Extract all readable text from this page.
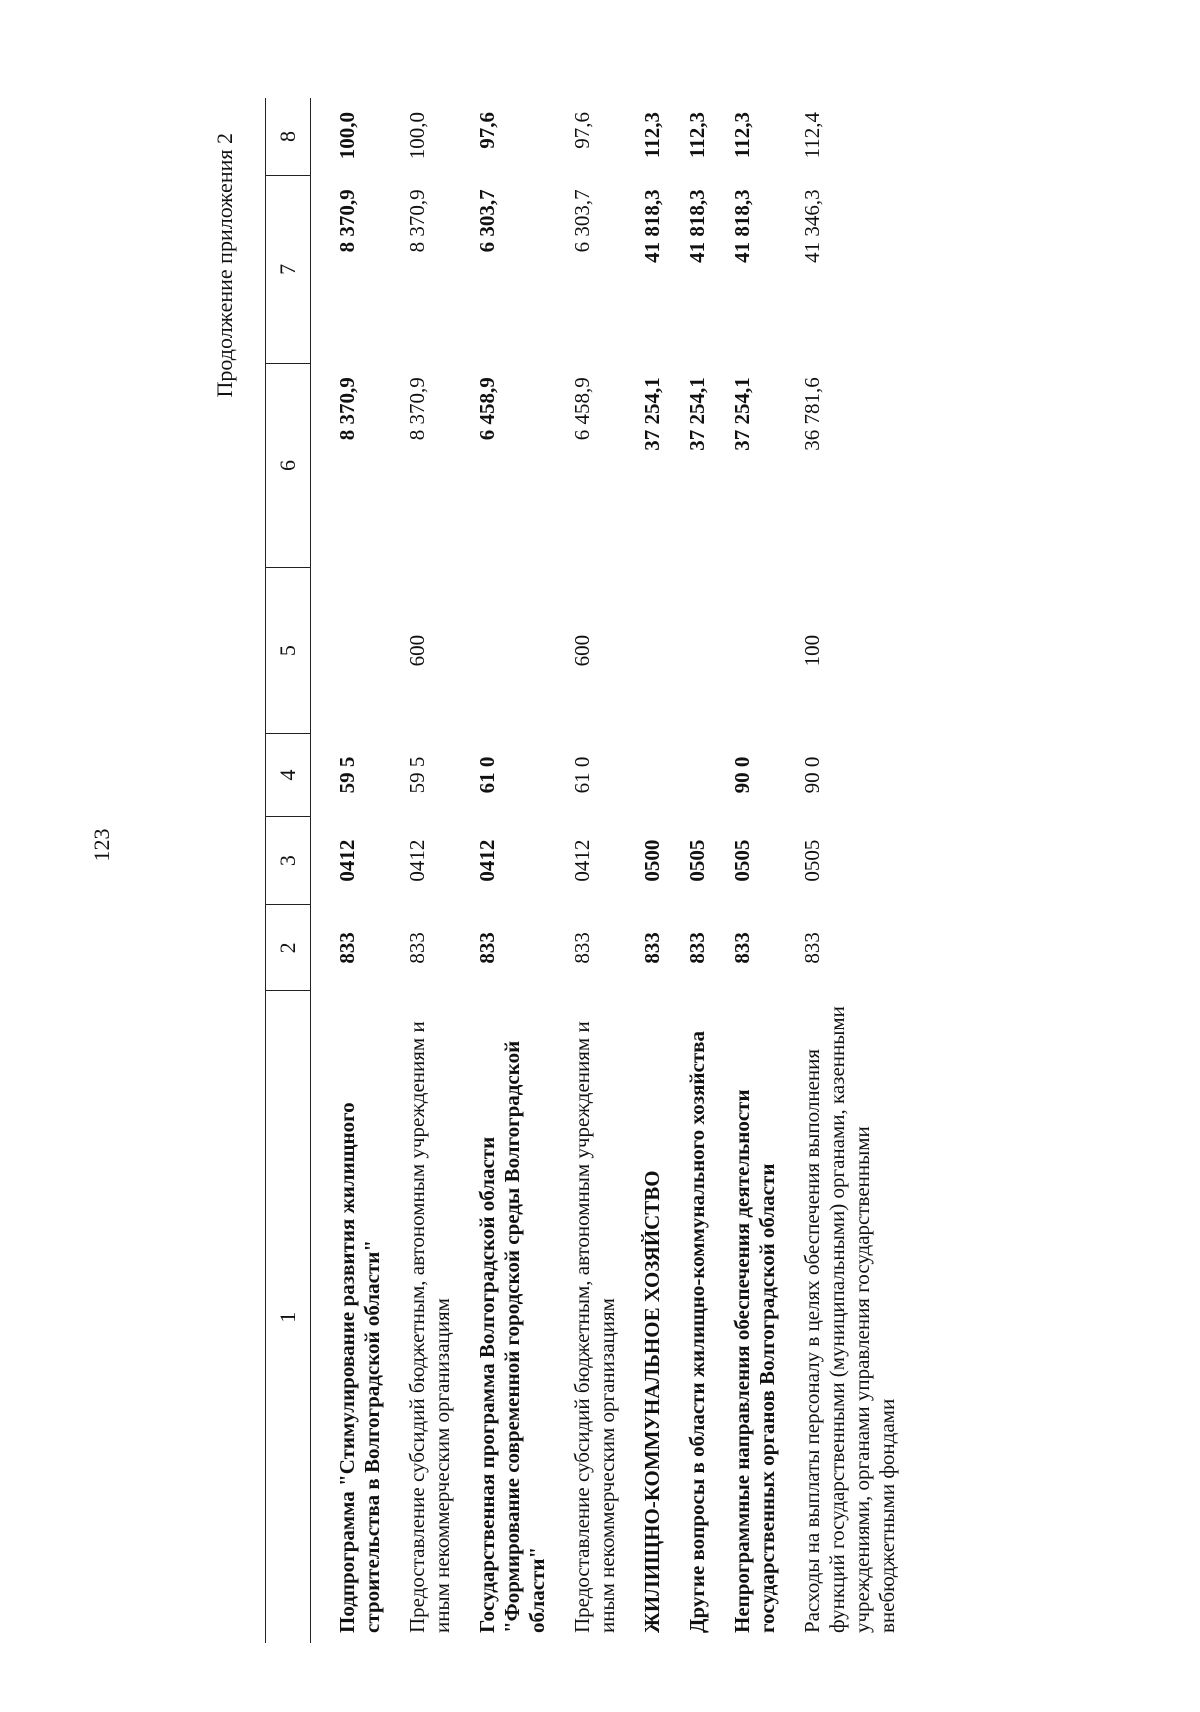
123
Продолжение приложения 2
1	2	3	4	5	6	7	8
Подпрограмма "Стимулирование развития жилищного строительства в Волгоградской области"	833	0412	59 5		8 370,9	8 370,9	100,0
Предоставление субсидий бюджетным, автономным учреждениям и иным некоммерческим организациям	833	0412	59 5	600	8 370,9	8 370,9	100,0
Государственная программа Волгоградской области "Формирование современной городской среды Волгоградской области"	833	0412	61 0		6 458,9	6 303,7	97,6
Предоставление субсидий бюджетным, автономным учреждениям и иным некоммерческим организациям	833	0412	61 0	600	6 458,9	6 303,7	97,6
ЖИЛИЩНО-КОММУНАЛЬНОЕ ХОЗЯЙСТВО	833	0500			37 254,1	41 818,3	112,3
Другие вопросы в области жилищно-коммунального хозяйства	833	0505			37 254,1	41 818,3	112,3
Непрограммные направления обеспечения деятельности государственных органов Волгоградской области	833	0505	90 0		37 254,1	41 818,3	112,3
Расходы на выплаты персоналу в целях обеспечения выполнения функций государственными (муниципальными) органами, казенными учреждениями, органами управления государственными внебюджетными фондами	833	0505	90 0	100	36 781,6	41 346,3	112,4
